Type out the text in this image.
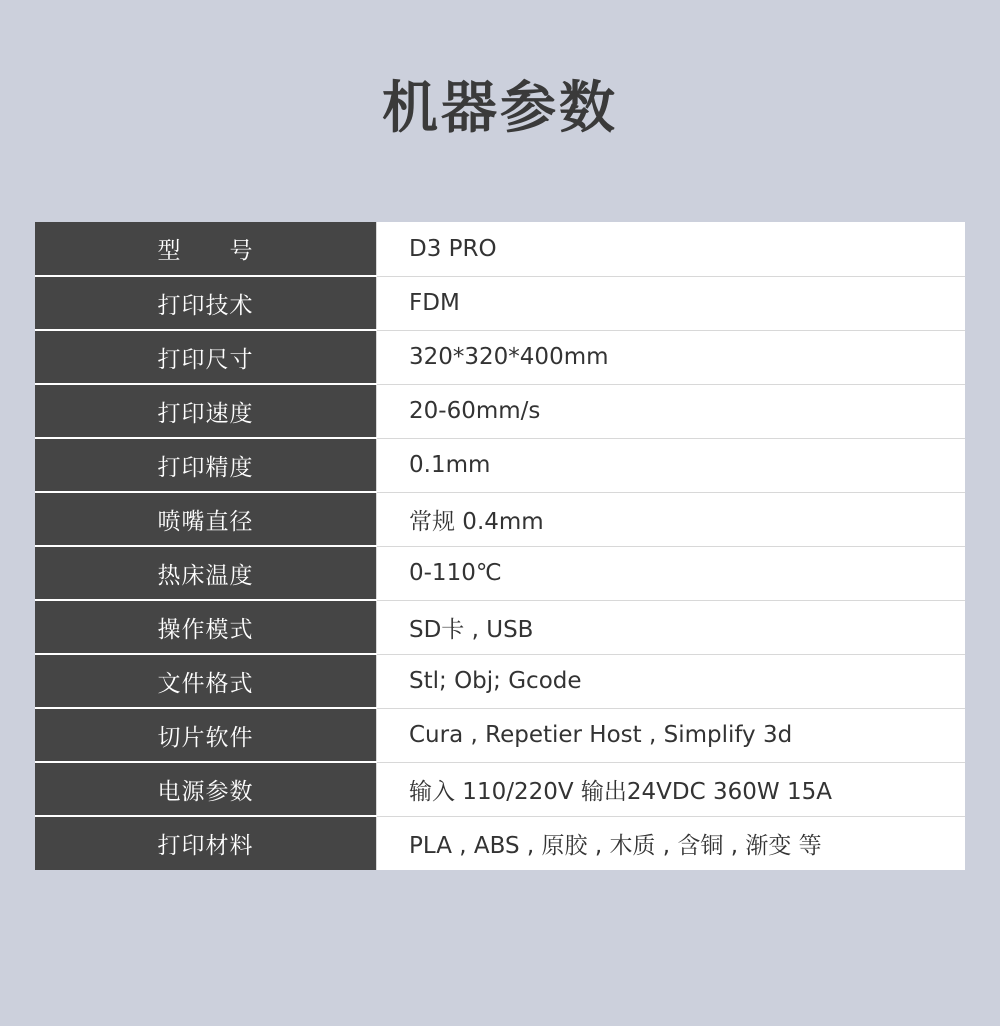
机器参数
型　　号	D3 PRO
打印技术	FDM
打印尺寸	320*320*400mm
打印速度	20-60mm/s
打印精度	0.1mm
喷嘴直径	常规 0.4mm
热床温度	0-110℃
操作模式	SD卡 , USB
文件格式	Stl; Obj; Gcode
切片软件	Cura , Repetier Host , Simplify 3d
电源参数	输入 110/220V 输出24VDC 360W 15A
打印材料	PLA , ABS , 原胶 , 木质 , 含铜 , 渐变 等
